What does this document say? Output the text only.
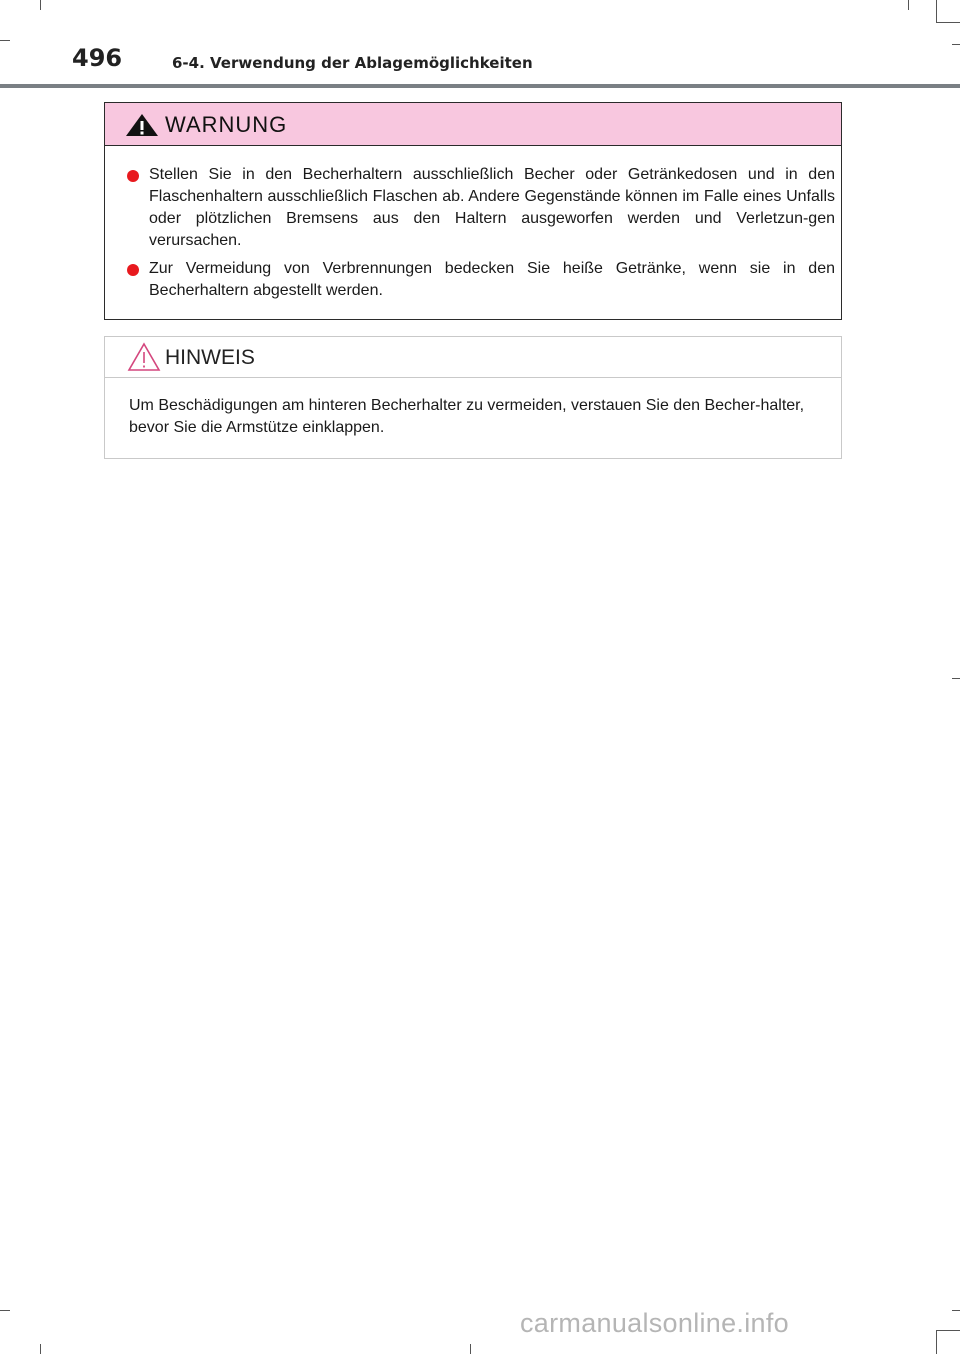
496	6-4. Verwendung der Ablagemöglichkeiten
WARNUNG
Stellen Sie in den Becherhaltern ausschließlich Becher oder Getränkedosen und in den Flaschenhaltern ausschließlich Flaschen ab. Andere Gegenstände können im Falle eines Unfalls oder plötzlichen Bremsens aus den Haltern ausgeworfen werden und Verletzun-gen verursachen.
Zur Vermeidung von Verbrennungen bedecken Sie heiße Getränke, wenn sie in den Becherhaltern abgestellt werden.
HINWEIS
Um Beschädigungen am hinteren Becherhalter zu vermeiden, verstauen Sie den Becher-halter, bevor Sie die Armstütze einklappen.
carmanualsonline.info
